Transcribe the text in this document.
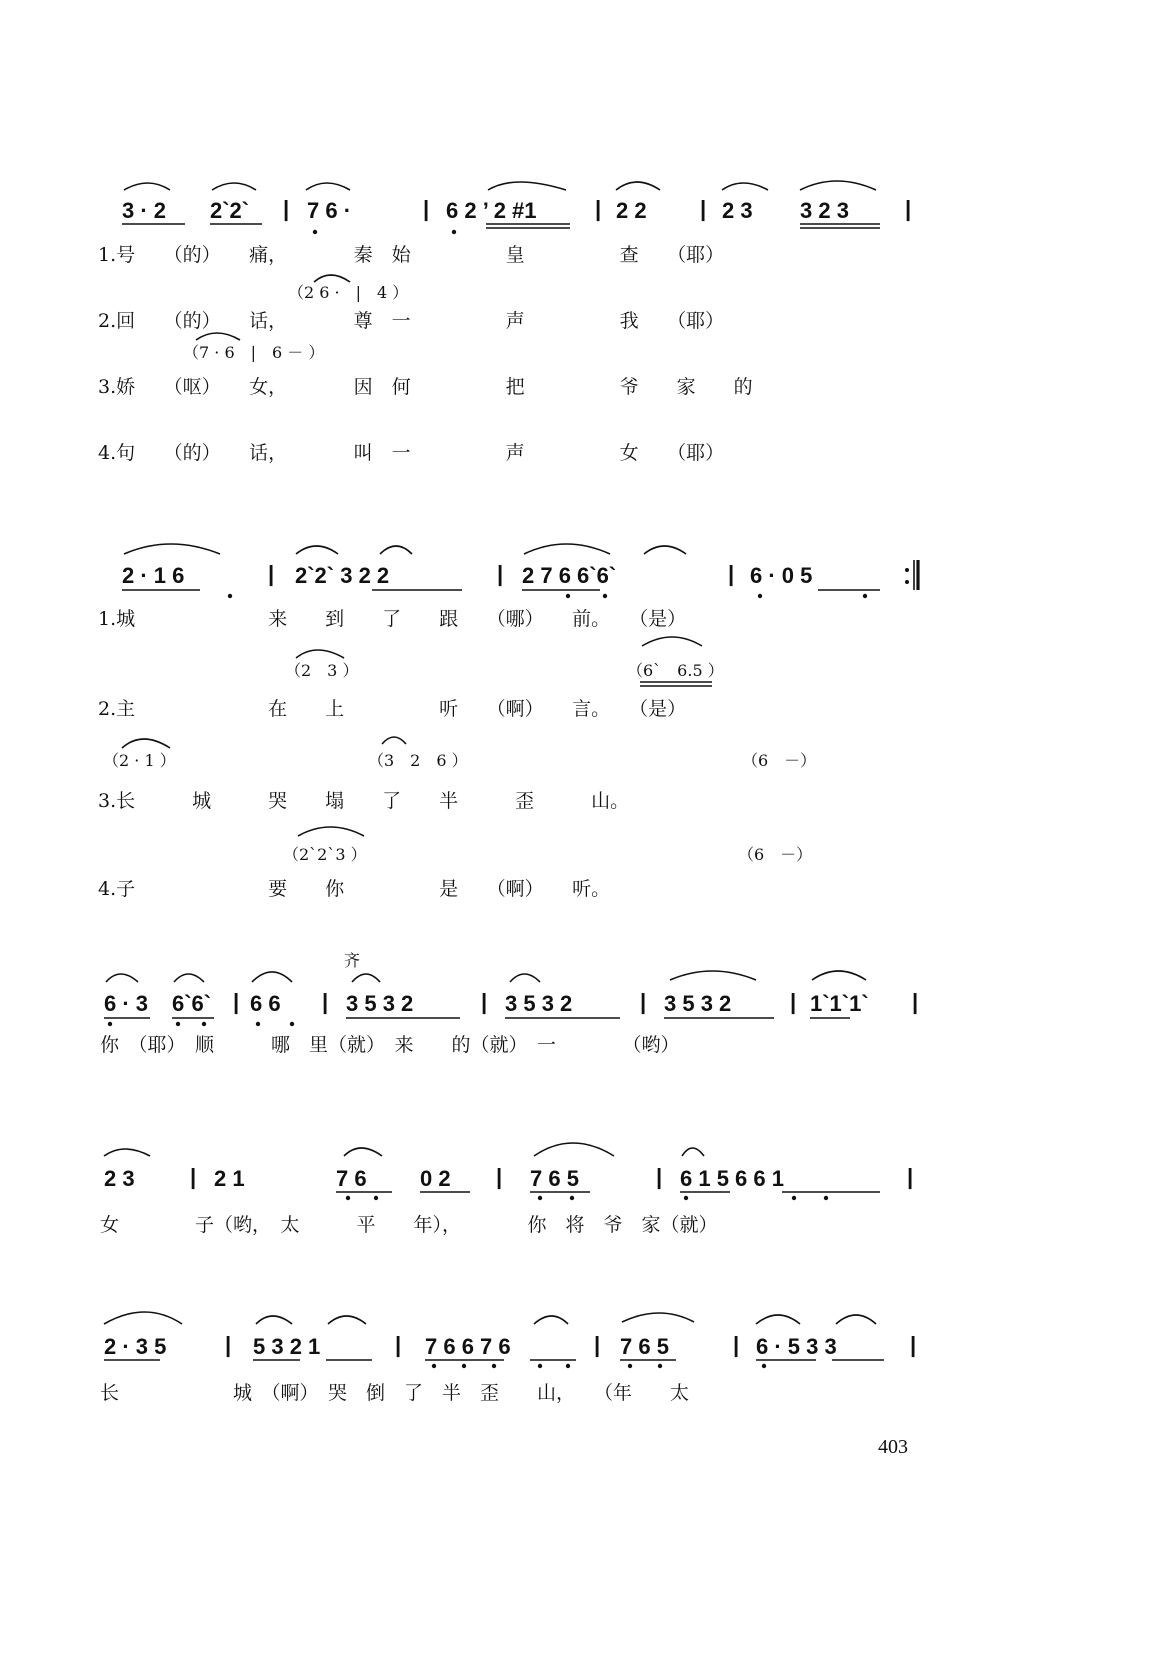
3 · 2 2`2` | 7 6 ·	| 6 2 ’ 2 #1	| 2 2 | 2 3 3 2 3	|
1.号　　（的）　　痛，　　　　秦　始　　　　　皇　　　　　查　　（耶）
（2 6 ·　|　4 ）
2.回　　（的）　　话，　　　　尊　一　　　　　声　　　　　我　　（耶）
（7 · 6　|　6 － ）
3.娇　　（呕）　　女，　　　　因　何　　　　　把　　　　　爷　　家　　的
4.句　　（的）　　话，　　　　叫　一　　　　　声　　　　　女　　（耶）
2 · 1 6	| 2`2` 3 2 2	| 2 7 6 6`6`	| 6 · 0 5
1.城　　　　　　　来　　到　　了　　跟　　（哪）　　前。　　（是）
（2　3 ）	（6`　6.5 ）
2.主　　　　　　　在　　上　　　　　听　　（啊）　　言。　　（是）
（2 · 1 ）	（3　2　6 ）	（6　－）
3.长　　　城　　　哭　　塌　　了　　半　　　歪　　　山。
（2`2`3 ）	（6　－）
4.子　　　　　　　要　　你　　　　　是　　（啊）　　听。
齐
6 · 3 6`6` | 6 6 | 3 5 3 2	| 3 5 3 2	| 3 5 3 2	| 1`1`1` |
你　（耶）　顺　　　哪　里（就）　来　　的（就）　一　　　　（哟）
2 3	| 2 1	7 6 0 2 | 7 6 5	| 6 1 5 6 6 1	|
女　　　　子（哟，　太　　　平　　年），　　　　你　将　爷　家（就）
2 · 3 5	| 5 3 2 1	| 7 6 6 7 6	| 7 6 5	| 6 · 5 3 3	|
长　　　　　　城　（啊）　哭　倒　了　半　歪　　山，　　（年　　太
403
